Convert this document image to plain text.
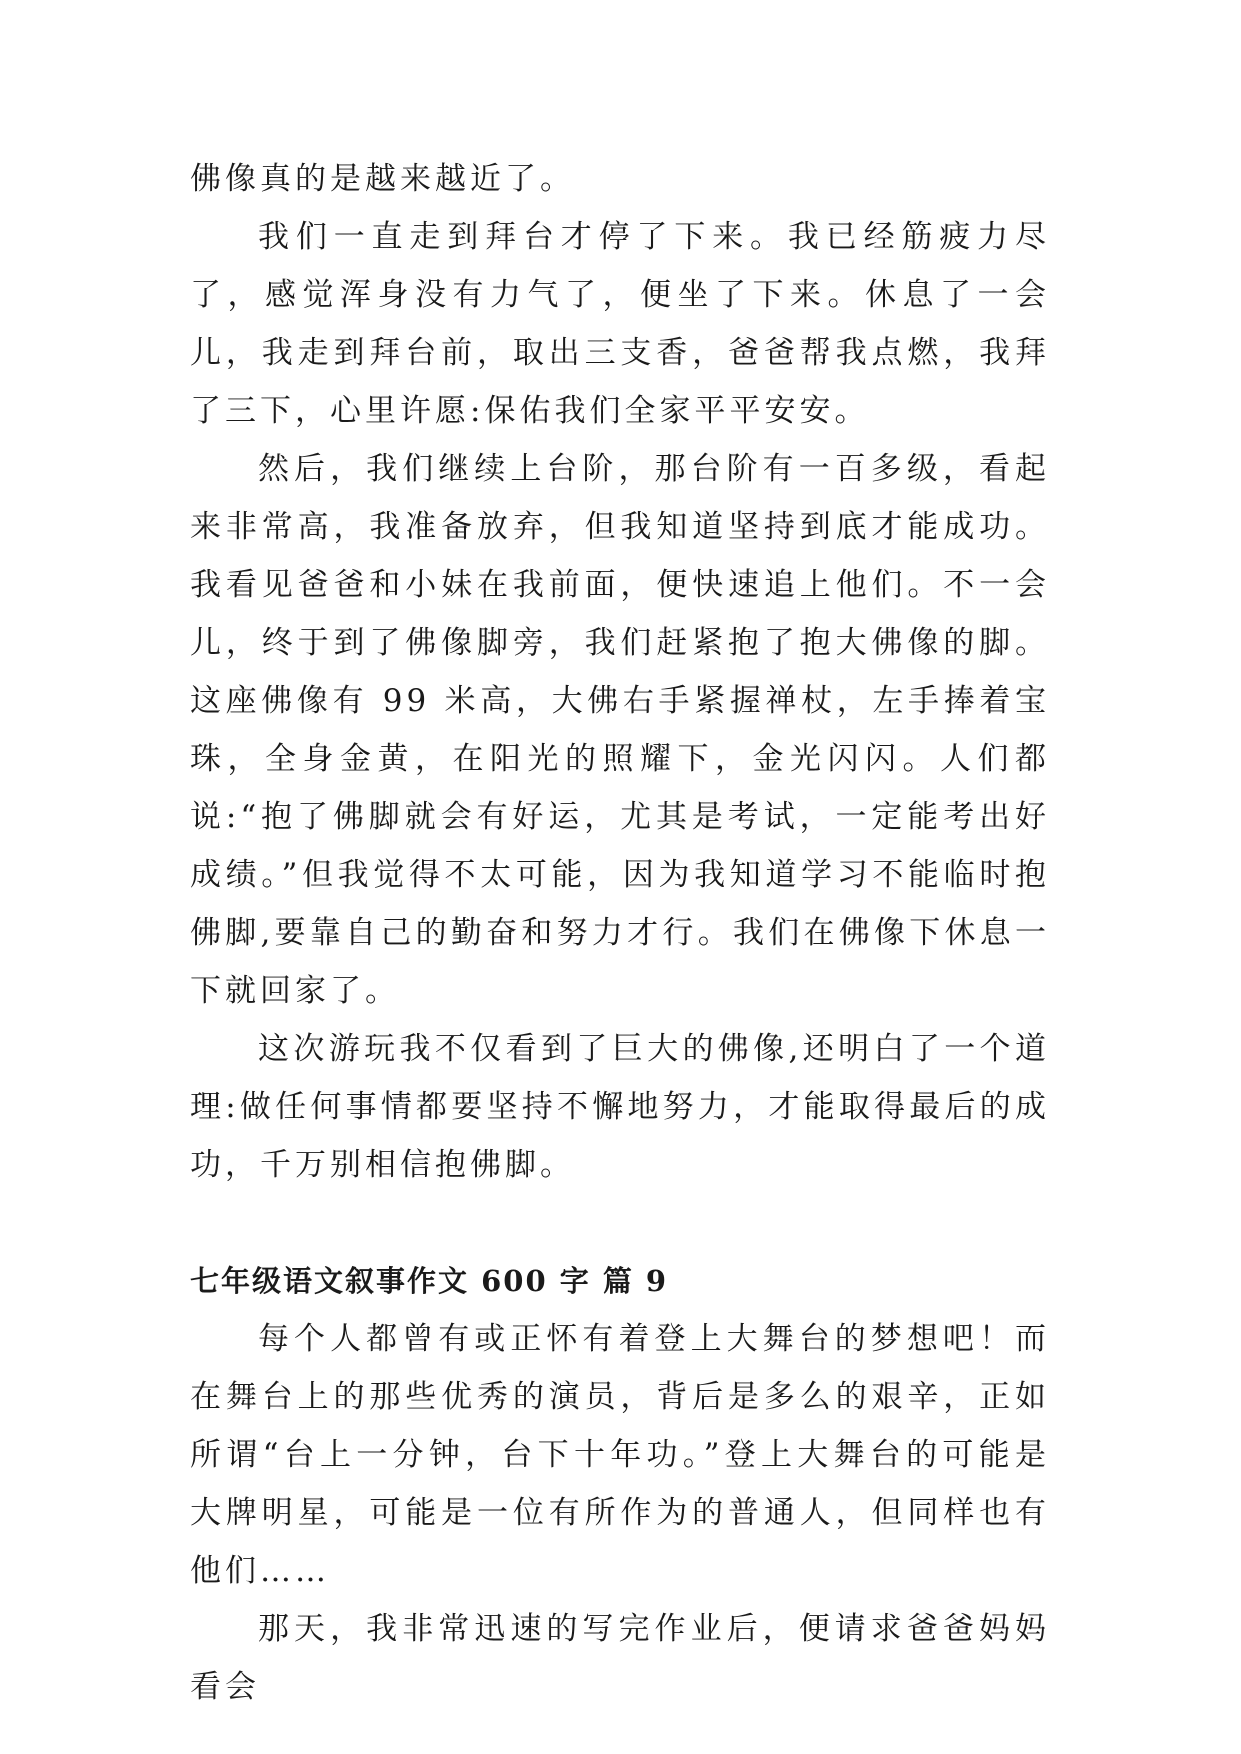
佛像真的是越来越近了。

我们一直走到拜台才停了下来。我已经筋疲力尽了，感觉浑身没有力气了，便坐了下来。休息了一会儿，我走到拜台前，取出三支香，爸爸帮我点燃，我拜了三下，心里许愿:保佑我们全家平平安安。

然后，我们继续上台阶，那台阶有一百多级，看起来非常高，我准备放弃，但我知道坚持到底才能成功。我看见爸爸和小妹在我前面，便快速追上他们。不一会儿，终于到了佛像脚旁，我们赶紧抱了抱大佛像的脚。这座佛像有 99 米高，大佛右手紧握禅杖，左手捧着宝珠，全身金黄，在阳光的照耀下，金光闪闪。人们都说:“抱了佛脚就会有好运，尤其是考试，一定能考出好成绩。”但我觉得不太可能，因为我知道学习不能临时抱佛脚,要靠自己的勤奋和努力才行。我们在佛像下休息一下就回家了。

这次游玩我不仅看到了巨大的佛像,还明白了一个道理:做任何事情都要坚持不懈地努力，才能取得最后的成功，千万别相信抱佛脚。

七年级语文叙事作文 600 字 篇 9

每个人都曾有或正怀有着登上大舞台的梦想吧！而在舞台上的那些优秀的演员，背后是多么的艰辛，正如所谓“台上一分钟，台下十年功。”登上大舞台的可能是大牌明星，可能是一位有所作为的普通人，但同样也有他们……

那天，我非常迅速的写完作业后，便请求爸爸妈妈看会
